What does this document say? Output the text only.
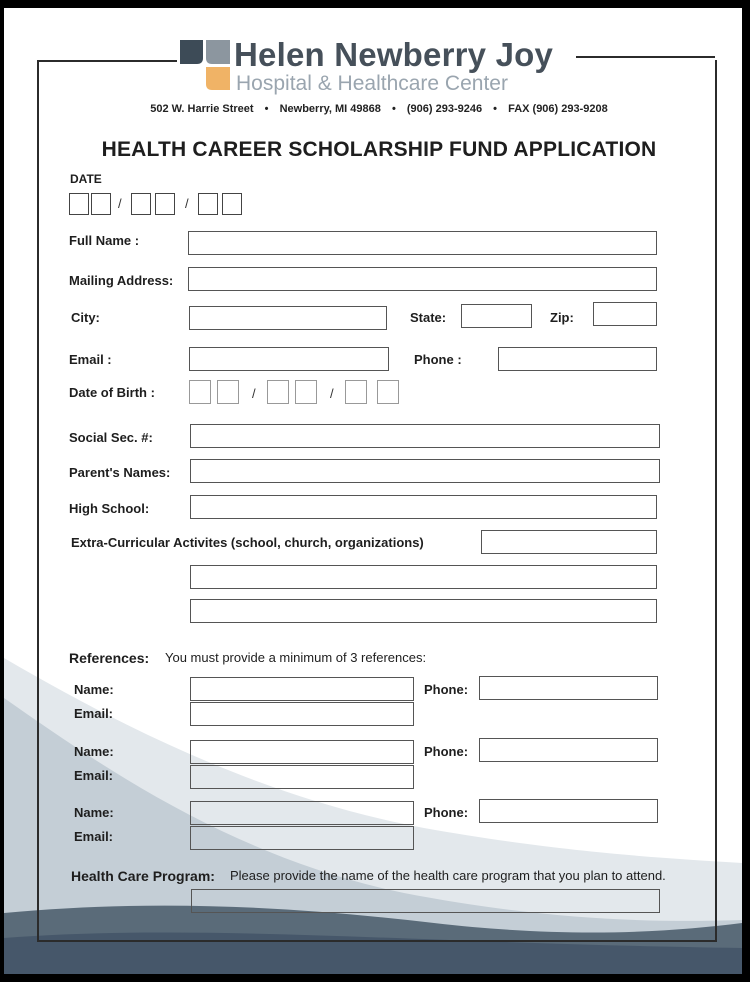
Helen Newberry Joy
Hospital & Healthcare Center
502 W. Harrie Street • Newberry, MI 49868 • (906) 293-9246 • FAX (906) 293-9208
HEALTH CAREER SCHOLARSHIP FUND APPLICATION
DATE
/	/
Full Name :
Mailing Address:
City:	State:	Zip:
Email :	Phone :
Date of Birth :	/	/
Social Sec. #:
Parent's Names:
High School:
Extra-Curricular Activites (school, church, organizations)
References: You must provide a minimum of 3 references:
Name:
Email:
Phone:
Name:
Email:
Phone:
Name:
Email:
Phone:
Health Care Program: Please provide the name of the health care program that you plan to attend.
